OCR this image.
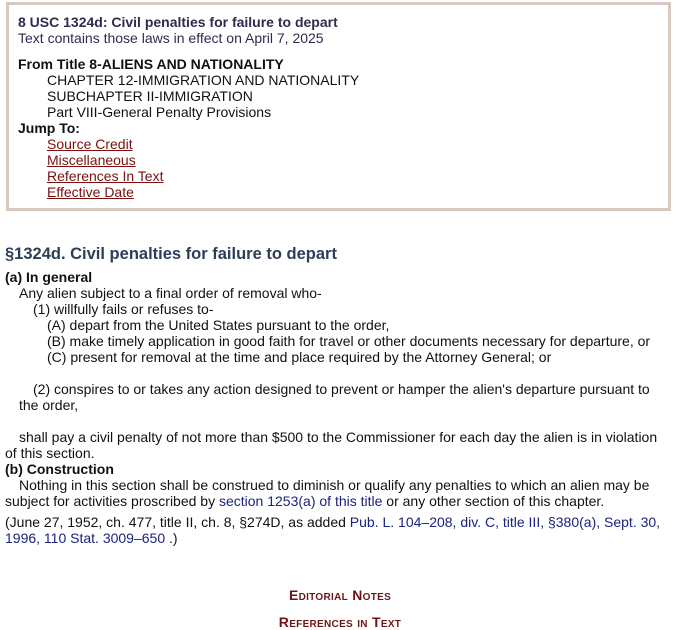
8 USC 1324d: Civil penalties for failure to depart
Text contains those laws in effect on April 7, 2025
From Title 8-ALIENS AND NATIONALITY
CHAPTER 12-IMMIGRATION AND NATIONALITY
SUBCHAPTER II-IMMIGRATION
Part VIII-General Penalty Provisions
Jump To:
Source Credit
Miscellaneous
References In Text
Effective Date
§1324d. Civil penalties for failure to depart
(a) In general
Any alien subject to a final order of removal who-
(1) willfully fails or refuses to-
(A) depart from the United States pursuant to the order,
(B) make timely application in good faith for travel or other documents necessary for departure, or
(C) present for removal at the time and place required by the Attorney General; or
(2) conspires to or takes any action designed to prevent or hamper the alien's departure pursuant to
the order,
shall pay a civil penalty of not more than $500 to the Commissioner for each day the alien is in violation
of this section.
(b) Construction
Nothing in this section shall be construed to diminish or qualify any penalties to which an alien may be
subject for activities proscribed by section 1253(a) of this title or any other section of this chapter.
(June 27, 1952, ch. 477, title II, ch. 8, §274D, as added Pub. L. 104–208, div. C, title III, §380(a), Sept. 30,
1996, 110 Stat. 3009–650 .)
Editorial Notes
References in Text
